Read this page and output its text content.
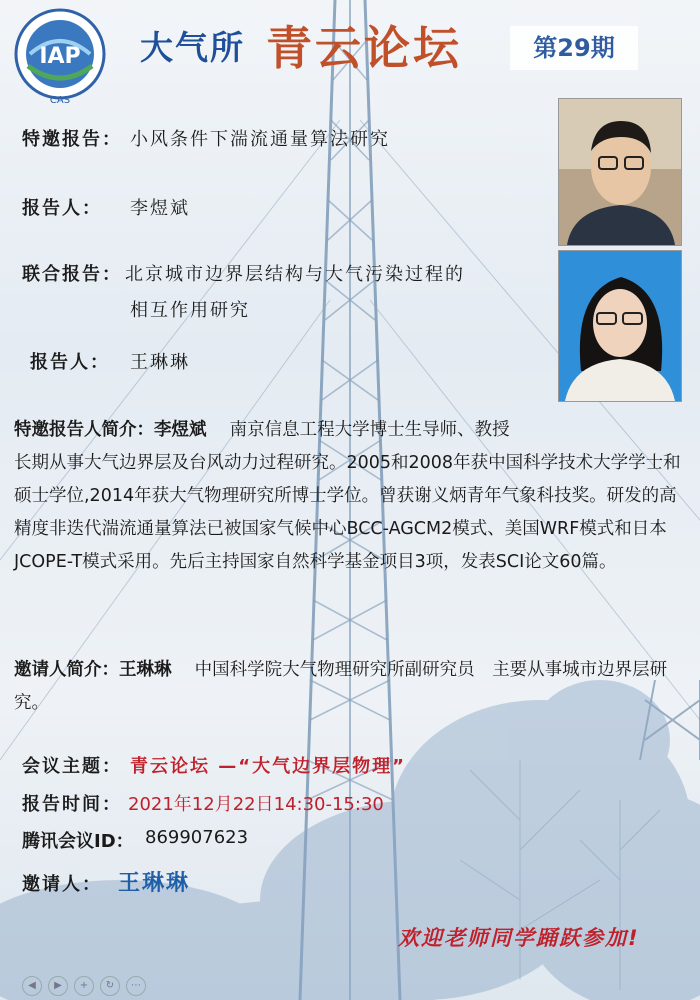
IAP
CAS
大气所 青云论坛	第29期
特邀报告： 小风条件下湍流通量算法研究
报告人： 李煜斌
联合报告： 北京城市边界层结构与大气污染过程的
相互作用研究
报告人： 王琳琳
特邀报告人简介：李煜斌　 南京信息工程大学博士生导师、教授
长期从事大气边界层及台风动力过程研究。2005和2008年获中国科学技术大学学士和硕士学位,2014年获大气物理研究所博士学位。曾获谢义炳青年气象科技奖。研发的高精度非迭代湍流通量算法已被国家气候中心BCC-AGCM2模式、美国WRF模式和日本JCOPE-T模式采用。先后主持国家自然科学基金项目3项，发表SCI论文60篇。
邀请人简介：王琳琳　 中国科学院大气物理研究所副研究员　主要从事城市边界层研究。
会议主题： 青云论坛 —“大气边界层物理”
报告时间： 2021年12月22日14:30-15:30
腾讯会议ID： 869907623
邀请人： 王琳琳
欢迎老师同学踊跃参加!
◀	▶	+	↻	⋯
